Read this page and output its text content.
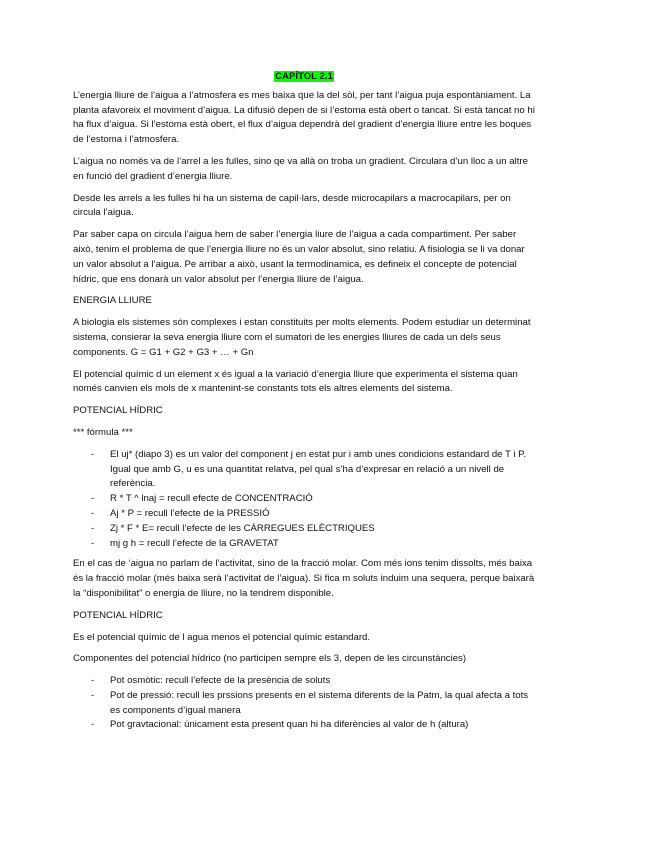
CAPÍTOL 2.1

L’energia lliure de l’aigua a l’atmosfera es mes baixa que la del sòl, per tant l’aigua puja espontàniament. La planta afavoreix el moviment d’aigua. La difusió depen de si l’estoma està obert o tancat. Si està tancat no hi ha flux d’aigua. Si l’estoma està obert, el flux d’aigua dependrà del gradient d’energia lliure entre les boques de l’estoma i l’atmosfera.

L’aigua no només va de l’arrel a les fulles, sino qe va allà on troba un gradient. Circulara d’un lloc a un altre en funció del gradient d’energia lliure.

Desde les arrels a les fulles hi ha un sistema de capil·lars, desde microcapilars a macrocapilars, per on circula l’aigua.

Par saber capa on circula l’aigua hem de saber l’energia liure de l’aigua a cada compartiment. Per saber això, tenim el problema de que l’energia lliure no és un valor absolut, sino relatiu. A fisiologia se li va donar un valor absolut a l’aigua. Pe arribar a això, usant la termodinamica, es defineix el concepte de potencial hídric, que ens donarà un valor absolut per l’energia lliure de l’aigua.

ENERGIA LLIURE

A biologia els sistemes són complexes i estan constituits per molts elements. Podem estudiar un determinat sistema, consierar la seva energia lliure com el sumatori de les energies lliures de cada un dels seus components. G = G1 + G2 + G3 + … + Gn

El potencial químic d un element x és igual a la variació d’energia lliure que experimenta el sistema quan només canvien els mols de x mantenint-se constants tots els altres elements del sistema.

POTENCIAL HÍDRIC

*** fórmula ***

- El uj* (diapo 3) es un valor del component j en estat pur i amb unes condicions estandard de T i P. Igual que amb G, u es una quantitat relatva, pel qual s’ha d’expresar en relació a un nivell de referència.
- R * T ^ lnaj = recull efecte de CONCENTRACIÓ
- Aj * P = recull l’efecte de la PRESSIÓ
- Zj * F * E= recull l’efecte de les CÀRREGUES ELÈCTRIQUES
- mj g h = recull l’efecte de la GRAVETAT

En el cas de ‘aigua no parlam de l’activitat, sino de la fracció molar. Com més ions tenim dissolts, més baixa és la fracció molar (més baixa serà l’activitat de l’aigua). Si fica m soluts induim una sequera, perque baixarà la “disponibilitat” o energia de lliure, no la tendrem disponible.

POTENCIAL HÍDRIC

Es el potencial químic de l agua menos el potencial químic estandard.

Componentes del potencial hídrico (no participen sempre els 3, depen de les circunstàncies)

- Pot osmòtic: recull l’efecte de la presència de soluts
- Pot de pressió: recull les prssions presents en el sistema diferents de la Patm, la qual afecta a tots es components d’igual manera
- Pot gravtacional: únicament esta present quan hi ha diferències al valor de h (altura)
